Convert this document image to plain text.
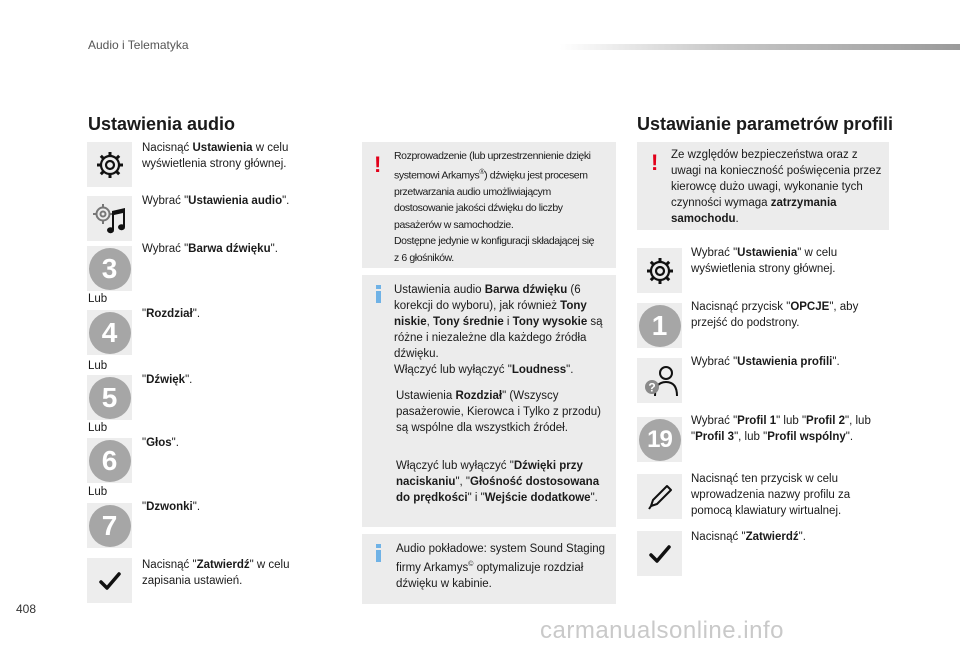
Audio i Telematyka
408
Ustawienia audio
Nacisnąć Ustawienia w celu wyświetlenia strony głównej.
Wybrać "Ustawienia audio".
3
Wybrać "Barwa dźwięku".
Lub
4
"Rozdział".
Lub
5
"Dźwięk".
Lub
6
"Głos".
Lub
7
"Dzwonki".
Nacisnąć "Zatwierdź" w celu zapisania ustawień.
! Rozprowadzenie (lub uprzestrzennienie dzięki
systemowi Arkamys®) dźwięku jest procesem
przetwarzania audio umożliwiającym
dostosowanie jakości dźwięku do liczby
pasażerów w samochodzie.
Dostępne jedynie w konfiguracji składającej się
z 6 głośników.
Ustawienia audio Barwa dźwięku (6 korekcji do wyboru), jak również Tony niskie, Tony średnie i Tony wysokie są różne i niezależne dla każdego źródła dźwięku.
Włączyć lub wyłączyć "Loudness".
Ustawienia Rozdział" (Wszyscy pasażerowie, Kierowca i Tylko z przodu) są wspólne dla wszystkich źródeł.
Włączyć lub wyłączyć "Dźwięki przy naciskaniu", "Głośność dostosowana do prędkości" i "Wejście dodatkowe".
Audio pokładowe: system Sound Staging firmy Arkamys© optymalizuje rozdział dźwięku w kabinie.
Ustawianie parametrów profili
! Ze względów bezpieczeństwa oraz z uwagi na konieczność poświęcenia przez kierowcę dużo uwagi, wykonanie tych czynności wymaga zatrzymania samochodu.
Wybrać "Ustawienia" w celu wyświetlenia strony głównej.
1
Nacisnąć przycisk "OPCJE", aby przejść do podstrony.
?
Wybrać "Ustawienia profili".
19
Wybrać "Profil 1" lub "Profil 2", lub "Profil 3", lub "Profil wspólny".
Nacisnąć ten przycisk w celu wprowadzenia nazwy profilu za pomocą klawiatury wirtualnej.
Nacisnąć "Zatwierdź".
carmanualsonline.info
